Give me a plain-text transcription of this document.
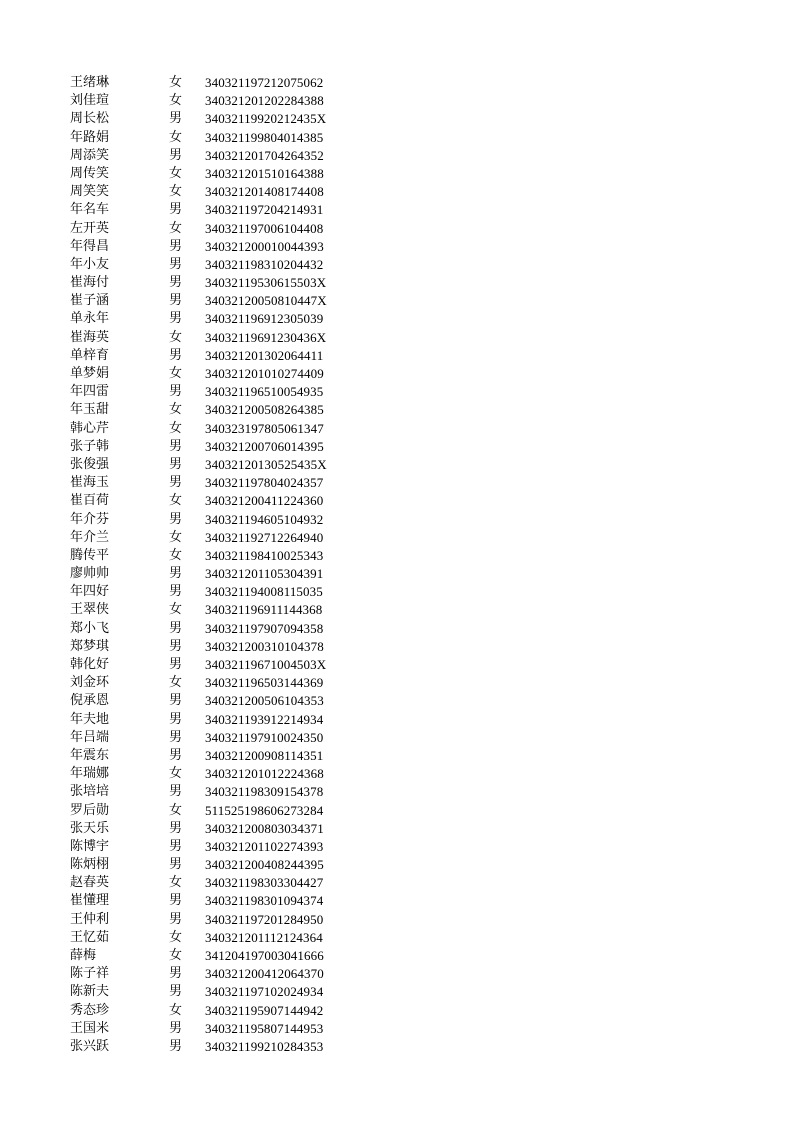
王绪琳	女 340321197212075062
刘佳瑄	女 340321201202284388
周长松	男 34032119920212435X
年路娟	女 340321199804014385
周添笑	男 340321201704264352
周传笑	女 340321201510164388
周笑笑	女 340321201408174408
年名车	男 340321197204214931
左开英	女 340321197006104408
年得昌	男 340321200010044393
年小友	男 340321198310204432
崔海付	男 34032119530615503X
崔子涵	男 34032120050810447X
单永年	男 340321196912305039
崔海英	女 34032119691230436X
单梓育	男 340321201302064411
单梦娟	女 340321201010274409
年四雷	男 340321196510054935
年玉甜	女 340321200508264385
韩心芹	女 340323197805061347
张子韩	男 340321200706014395
张俊强	男 34032120130525435X
崔海玉	男 340321197804024357
崔百荷	女 340321200411224360
年介芬	男 340321194605104932
年介兰	女 340321192712264940
腾传平	女 340321198410025343
廖帅帅	男 340321201105304391
年四好	男 340321194008115035
王翠侠	女 340321196911144368
郑小飞	男 340321197907094358
郑梦琪	男 340321200310104378
韩化好	男 34032119671004503X
刘金环	女 340321196503144369
倪承恩	男 340321200506104353
年夫地	男 340321193912214934
年吕端	男 340321197910024350
年震东	男 340321200908114351
年瑞娜	女 340321201012224368
张培培	男 340321198309154378
罗后勋	女 511525198606273284
张天乐	男 340321200803034371
陈博宇	男 340321201102274393
陈炳栩	男 340321200408244395
赵春英	女 340321198303304427
崔懂理	男 340321198301094374
王仲利	男 340321197201284950
王忆茹	女 340321201112124364
薛梅	女 341204197003041666
陈子祥	男 340321200412064370
陈新夫	男 340321197102024934
秀态珍	女 340321195907144942
王国米	男 340321195807144953
张兴跃	男 340321199210284353
